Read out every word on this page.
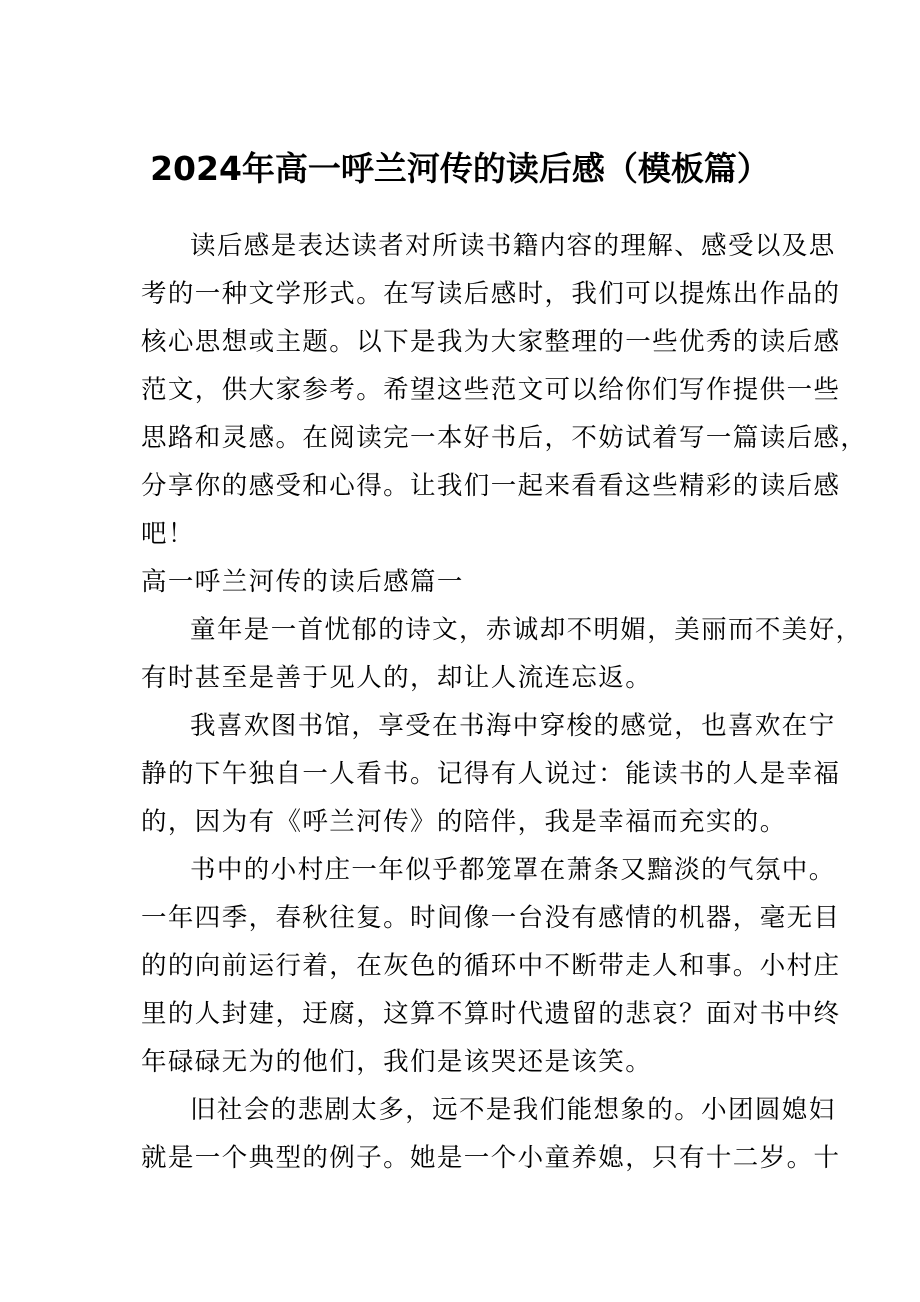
2024年高一呼兰河传的读后感（模板篇）
读后感是表达读者对所读书籍内容的理解、感受以及思
考的一种文学形式。在写读后感时，我们可以提炼出作品的
核心思想或主题。以下是我为大家整理的一些优秀的读后感
范文，供大家参考。希望这些范文可以给你们写作提供一些
思路和灵感。在阅读完一本好书后，不妨试着写一篇读后感，
分享你的感受和心得。让我们一起来看看这些精彩的读后感
吧！
高一呼兰河传的读后感篇一
童年是一首忧郁的诗文，赤诚却不明媚，美丽而不美好，
有时甚至是善于见人的，却让人流连忘返。
我喜欢图书馆，享受在书海中穿梭的感觉，也喜欢在宁
静的下午独自一人看书。记得有人说过：能读书的人是幸福
的，因为有《呼兰河传》的陪伴，我是幸福而充实的。
书中的小村庄一年似乎都笼罩在萧条又黯淡的气氛中。
一年四季，春秋往复。时间像一台没有感情的机器，毫无目
的的向前运行着，在灰色的循环中不断带走人和事。小村庄
里的人封建，迂腐，这算不算时代遗留的悲哀？面对书中终
年碌碌无为的他们，我们是该哭还是该笑。
旧社会的悲剧太多，远不是我们能想象的。小团圆媳妇
就是一个典型的例子。她是一个小童养媳，只有十二岁。十
